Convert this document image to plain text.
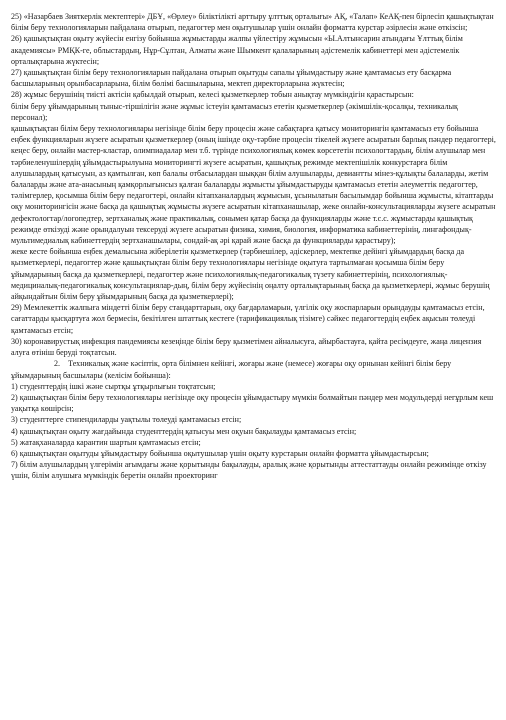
25) «Назарбаев Зияткерлік мектептері» ДБҰ, «Өрлеу» біліктілікті арттыру ұлттық орталығы» АҚ, «Талап» КеАҚ-пен бірлесіп қашықтықтан білім беру технологияларын пайдалана отырып, педагогтер мен оқытушылар үшін онлайн форматта курстар әзірлесін және өткізсін;

26) қашықтықтан оқыту жүйесін енгізу бойынша жұмыстарды жалпы үйлестіру жұмысын «Ы.Алтынсарин атындағы Ұлттық білім академиясы» РМҚК-ге, облыстардың, Нұр-Сұлтан, Алматы және Шымкент қалаларының әдістемелік кабинеттері мен әдістемелік орталықтарына жүктесін;

27) қашықтықтан білім беру технологияларын пайдалана отырып оқытуды сапалы ұйымдастыру және қамтамасыз ету басқарма басшыларының орынбасарларына, білім бөлімі басшыларына, мектеп директорларына жүктесін;

28) жұмыс берушінің тиісті актісін қабылдай отырып, келесі қызметкерлер тобын анықтау мүмкіндігін қарастырсын:

білім беру ұйымдарының тыныс-тіршілігін және жұмыс істеуін қамтамасыз ететін қызметкерлер (әкімшілік-қосалқы, техникалық персонал);

қашықтықтан білім беру технологиялары негізінде білім беру процесін және сабақтарға қатысу мониторингін қамтамасыз ету бойынша еңбек функцияларын жүзеге асыратын қызметкерлер (оның ішінде оқу-тәрбие процесін тікелей жүзеге асыратын барлық пәндер педагогтері, кеңес беру, онлайн мастер-кластар, олимпиадалар мен т.б. түрінде психологиялық көмек көрсететін психологтардың, білім алушылар мен тәрбиеленушілердің ұйымдастырылуына мониторингті жүзеге асыратын, қашықтық режимде мектепішілік конкурстарға білім алушылардың қатысуын, аз қамтылған, көп балалы отбасылардан шыққан білім алушыларды, девиантты мінез-құлықты балаларды, жетім балаларды және ата-анасының қамқорлығынсыз қалған балаларды жұмысты ұйымдастыруды қамтамасыз ететін әлеуметтік педагогтер, тәлімгерлер, қосымша білім беру педагогтері, онлайн кітапханалардың жұмысын, ұсынылатын басылымдар бойынша жұмысты, кітаптарды оқу мониторингісін және басқа да қашықтық жұмысты жүзеге асыратын кітапханашылар, жеке онлайн-консультацияларды жүзеге асыратын дефектологтар/логопедтер, зертханалық және практикалық, сонымен қатар басқа да функцияларды және т.с.с. жұмыстарды қашықтық режимде өткізуді және орындалуын тексеруді жүзеге асыратын физика, химия, биология, информатика кабинеттерінің, лингафондық-мультимедиалық кабинеттердің зертханашылары, сондай-ақ әрі қарай және басқа да функцияларды қарастыру);

жеке кесте бойынша еңбек демалысына жіберілетін қызметкерлер (тәрбиешілер, әдіскерлер, мектепке дейінгі ұйымдардың басқа да қызметкерлері, педагогтер және қашықтықтан білім беру технологиялары негізінде оқытуға тартылмаған қосымша білім беру ұйымдарының басқа да қызметкерлері, педагогтер және психологиялық-педагогикалық түзету кабинеттерінің, психологиялық-медициналық-педагогикалық консультациялар-дың, білім беру жүйесінің оңалту орталықтарының басқа да қызметкерлері, жұмыс берушің айқындайтын білім беру ұйымдарының басқа да қызметкерлері);

29) Мемлекеттік жалпыға міндетті білім беру стандарттарын, оқу бағдарламарын, үлгілік оқу жоспарларын орындауды қамтамасыз етсін, сағаттарды қысқартуға жол бермесін, бекітілген штаттық кестеге (тарификациялық тізімге) сәйкес педагогтердің еңбек ақысын төлеуді қамтамасыз етсін;

30) коронавирустық инфекция пандемиясы кезеңінде білім беру қызметімен айналысуға, айырбастауға, қайта ресімдеуге, жаңа лицензия алуға өтініш беруді тоқтатсын.

2. Техникалық және кәсіптік, орта білімнен кейінгі, жоғары және (немесе) жоғары оқу орнынан кейінгі білім беру ұйымдарының басшылары (келісім бойынша):

1) студенттердің ішкі және сыртқы ұтқырлығын тоқтатсын;

2) қашықтықтан білім беру технологиялары негізінде оқу процесін ұйымдастыру мүмкін болмайтын пәндер мен модульдерді негұрлым кеш уақытқа көшірсін;

3) студенттерге стипендиларды уақтылы төлеуді қамтамасыз етсін;

4) қашықтықтан оқыту жағдайында студенттердің қатысуы мен оқуын бақылауды қамтамасыз етсін;

5) жатақханаларда карантин шартын қамтамасыз етсін;

6) қашықтықтан оқытуды ұйымдастыру бойынша оқытушылар үшін оқыту курстарын онлайн форматта ұйымдастырсын;

7) білім алушылардың үлгерімін ағымдағы және қорытынды бақылауды, аралық және қорытынды аттестаттауды онлайн режимінде өткізу үшін, білім алушыға мүмкіндік беретін онлайн проекторинг
